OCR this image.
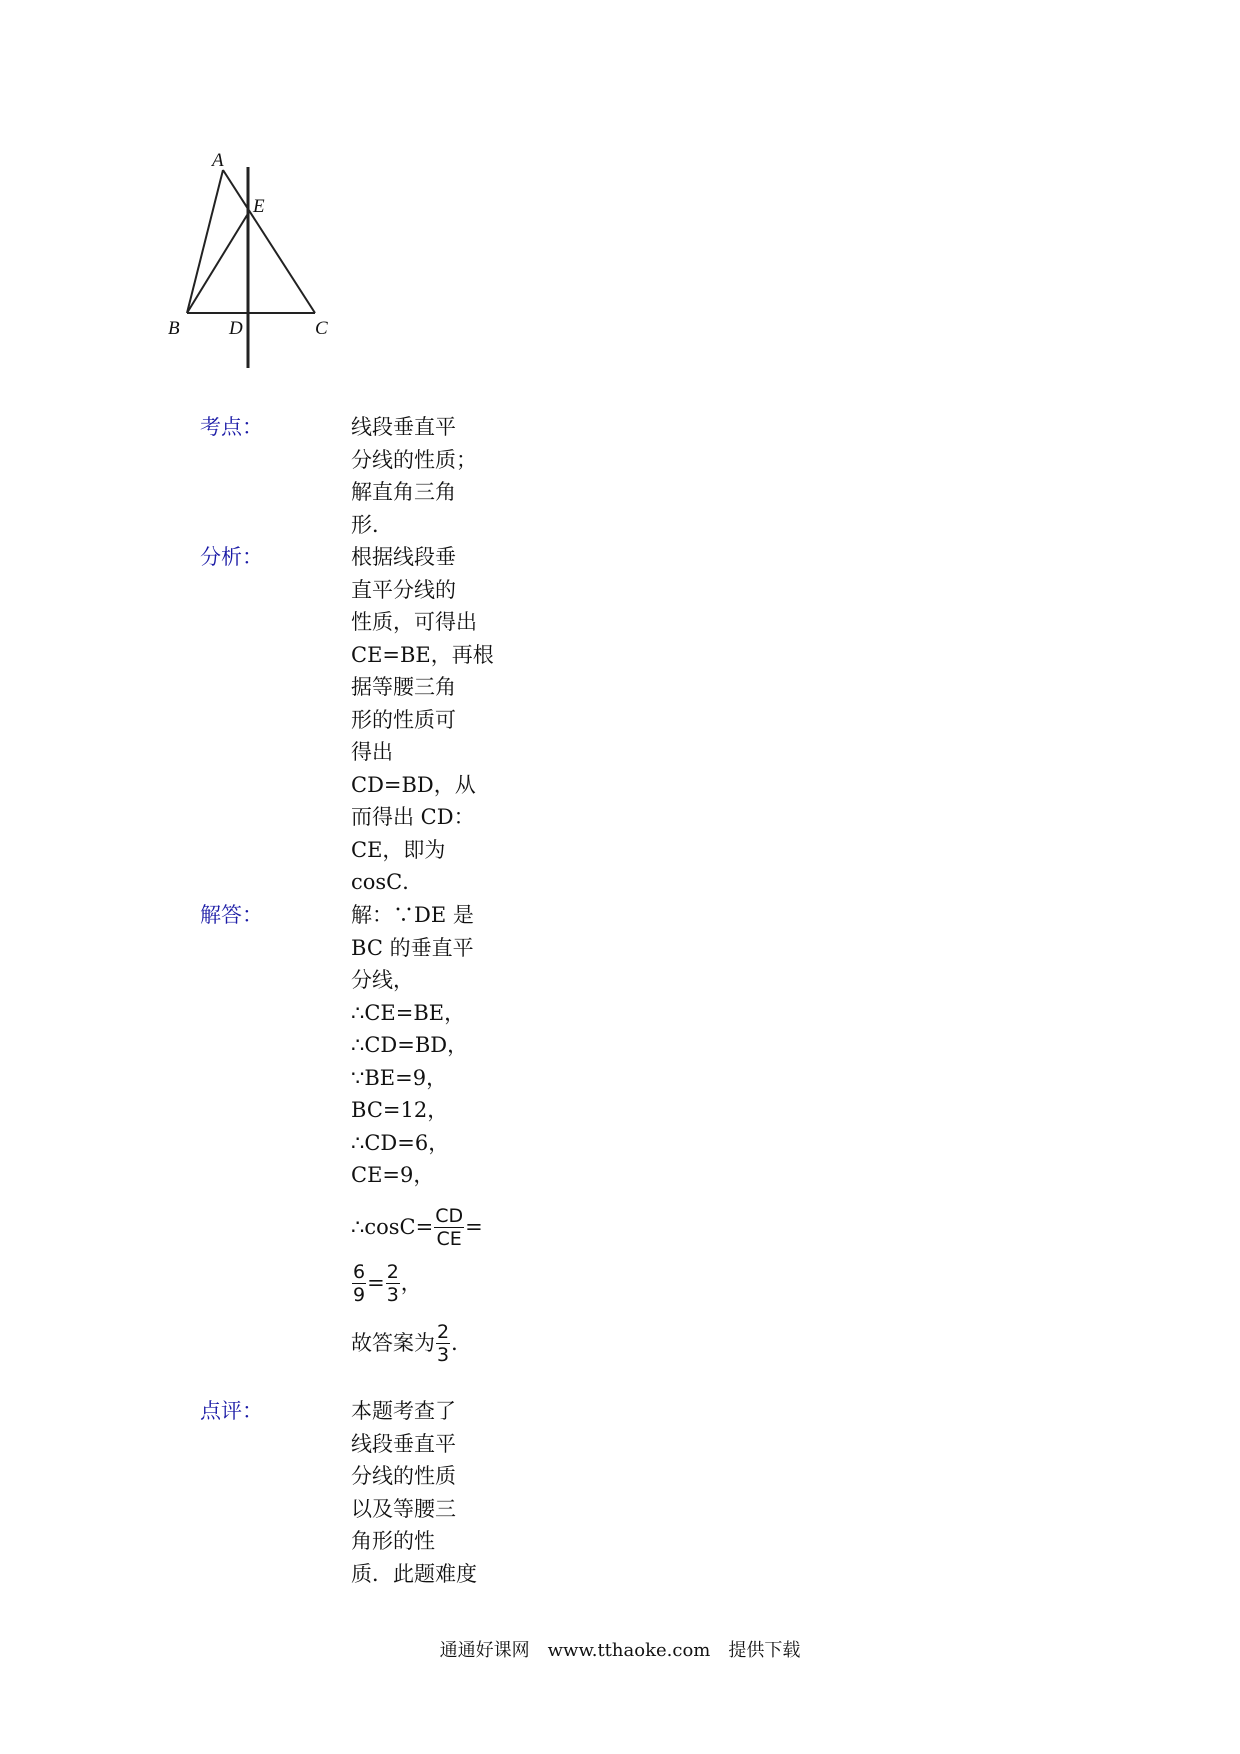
A
E
B	D	C
考点：	线段垂直平
分线的性质；
解直角三角
形．
分析：	根据线段垂
直平分线的
性质，可得出
CE=BE，再根
据等腰三角
形的性质可
得出
CD=BD，从
而得出 CD：
CE，即为
cosC．
解答：	解：∵DE 是
BC 的垂直平
分线，
∴CE=BE，
∴CD=BD，
∵BE=9，
BC=12，
∴CD=6，
CE=9，
∴cosC= $\frac{CD}{CE}$ =
$\frac{6}{9} = \frac{2}{3}$ ，
故答案为 $\frac{2}{3}$ ．
点评：	本题考查了
线段垂直平
分线的性质
以及等腰三
角形的性
质．此题难度
通通好课网　www.tthaoke.com　提供下载
